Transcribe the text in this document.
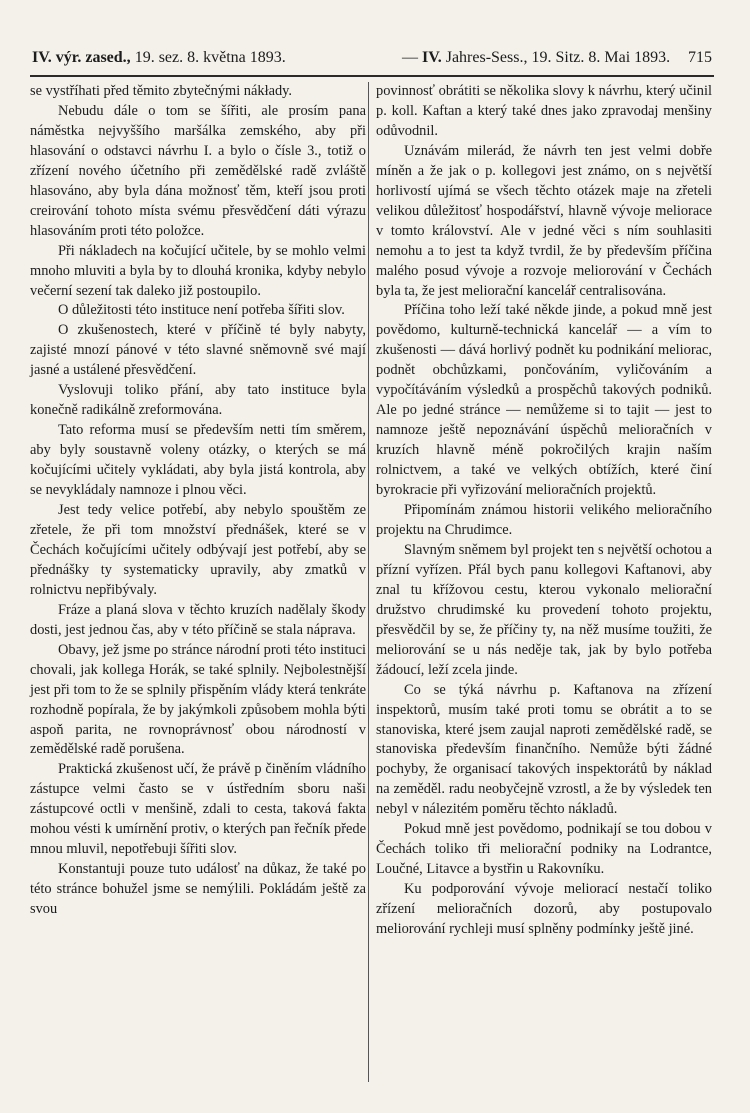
IV. výr. zased., 19. sez. 8. května 1893.	— IV. Jahres-Sess., 19. Sitz. 8. Mai 1893. 715

se vystříhati před těmito zbytečnými nákłady.

Nebudu dále o tom se šířiti, ale prosím pana náměstka nejvyššího maršálka zemského, aby při hlasování o odstavci návrhu I. a bylo o čísle 3., totiž o zřízení nového účetního při zemědělské radě zvláště hlasováno, aby byla dána možnosť těm, kteří jsou proti creirování tohoto místa svému přesvědčení dáti výrazu hlasováním proti této položce.

Při nákladech na kočující učitele, by se mohlo velmi mnoho mluviti a byla by to dlouhá kronika, kdyby nebylo večerní sezení tak daleko již postoupilo.

O důležitosti této instituce není potřeba šířiti slov.

O zkušenostech, které v příčině té byly nabyty, zajisté mnozí pánové v této slavné sněmovně své mají jasné a ustálené přesvědčení.

Vyslovuji toliko přání, aby tato instituce byla konečně radikálně zreformována.

Tato reforma musí se především netti tím směrem, aby byly soustavně voleny otázky, o kterých se má kočujícími učitely vykládati, aby byla jistá kontrola, aby se nevykládaly namnoze i plnou věci.

Jest tedy velice potřebí, aby nebylo spouštěm ze zřetele, že při tom množství přednášek, které se v Čechách kočujícími učitely odbývají jest potřebí, aby se přednášky ty systematicky upravily, aby zmatků v rolnictvu nepřibývaly.

Fráze a planá slova v těchto kruzích nadělaly škody dosti, jest jednou čas, aby v této příčině se stala náprava.

Obavy, jež jsme po stránce národní proti této instituci chovali, jak kollega Horák, se také splnily. Nejbolestnější jest při tom to že se splnily přispěním vlády která tenkráte rozhodně popírala, že by jakýmkoli způsobem mohla býti aspoň parita, ne rovnoprávnosť obou národností v zemědělské radě porušena.

Praktická zkušenost učí, že právě p činěním vládního zástupce velmi často se v ústředním sboru naši zástupcové octli v menšině, zdali to cesta, taková fakta mohou vésti k umírnění protiv, o kterých pan řečník přede mnou mluvil, nepotřebuji šířiti slov.

Konstantuji pouze tuto událosť na důkaz, že také po této stránce bohužel jsme se nemýlili. Pokládám ještě za svou

povinnosť obrátiti se několika slovy k návrhu, který učinil p. koll. Kaftan a který také dnes jako zpravodaj menšiny odůvodnil.

Uznávám milerád, že návrh ten jest velmi dobře míněn a že jak o p. kollegovi jest známo, on s největší horlivostí ujímá se všech těchto otázek maje na zřeteli velikou důležitosť hospodářství, hlavně vývoje meliorace v tomto království. Ale v jedné věci s ním souhlasiti nemohu a to jest ta když tvrdil, že by především příčina malého posud vývoje a rozvoje meliorování v Čechách byla ta, že jest meliorační kancelář centralisována.

Příčina toho leží také někde jinde, a pokud mně jest povědomo, kulturně-technická kancelář — a vím to zkušenosti — dává horlivý podnět ku podnikání meliorac, podnět obchůzkami, pončováním, vyličováním a vypočítáváním výsledků a prospěchů takových podniků. Ale po jedné stránce — nemůžeme si to tajit — jest to namnoze ještě nepoznávání úspěchů melioračních v kruzích hlavně méně pokročilých krajin naším rolnictvem, a také ve velkých obtížích, které činí byrokracie při vyřizování melioračních projektů.

Připomínám známou historii velikého melioračního projektu na Chrudimce.

Slavným sněmem byl projekt ten s největší ochotou a přízní vyřízen. Přál bych panu kollegovi Kaftanovi, aby znal tu křížovou cestu, kterou vykonalo meliorační družstvo chrudimské ku provedení tohoto projektu, přesvědčil by se, že příčiny ty, na něž musíme toužiti, že meliorování se u nás neděje tak, jak by bylo potřeba žádoucí, leží zcela jinde.

Co se týká návrhu p. Kaftanova na zřízení inspektorů, musím také proti tomu se obrátit a to se stanoviska, které jsem zaujal naproti zemědělské radě, se stanoviska především finančního. Nemůže býti žádné pochyby, že organisací takových inspektorátů by náklad na zeměděl. radu neobyčejně vzrostl, a že by výsledek ten nebyl v nálezitém poměru těchto nákladů.

Pokud mně jest povědomo, podnikají se tou dobou v Čechách toliko tři meliorační podniky na Lodrantce, Loučné, Litavce a bystřin u Rakovníku.

Ku podporování vývoje meliorací nestačí toliko zřízení melioračních dozorů, aby postupovalo meliorování rychleji musí splněny podmínky ještě jiné.
